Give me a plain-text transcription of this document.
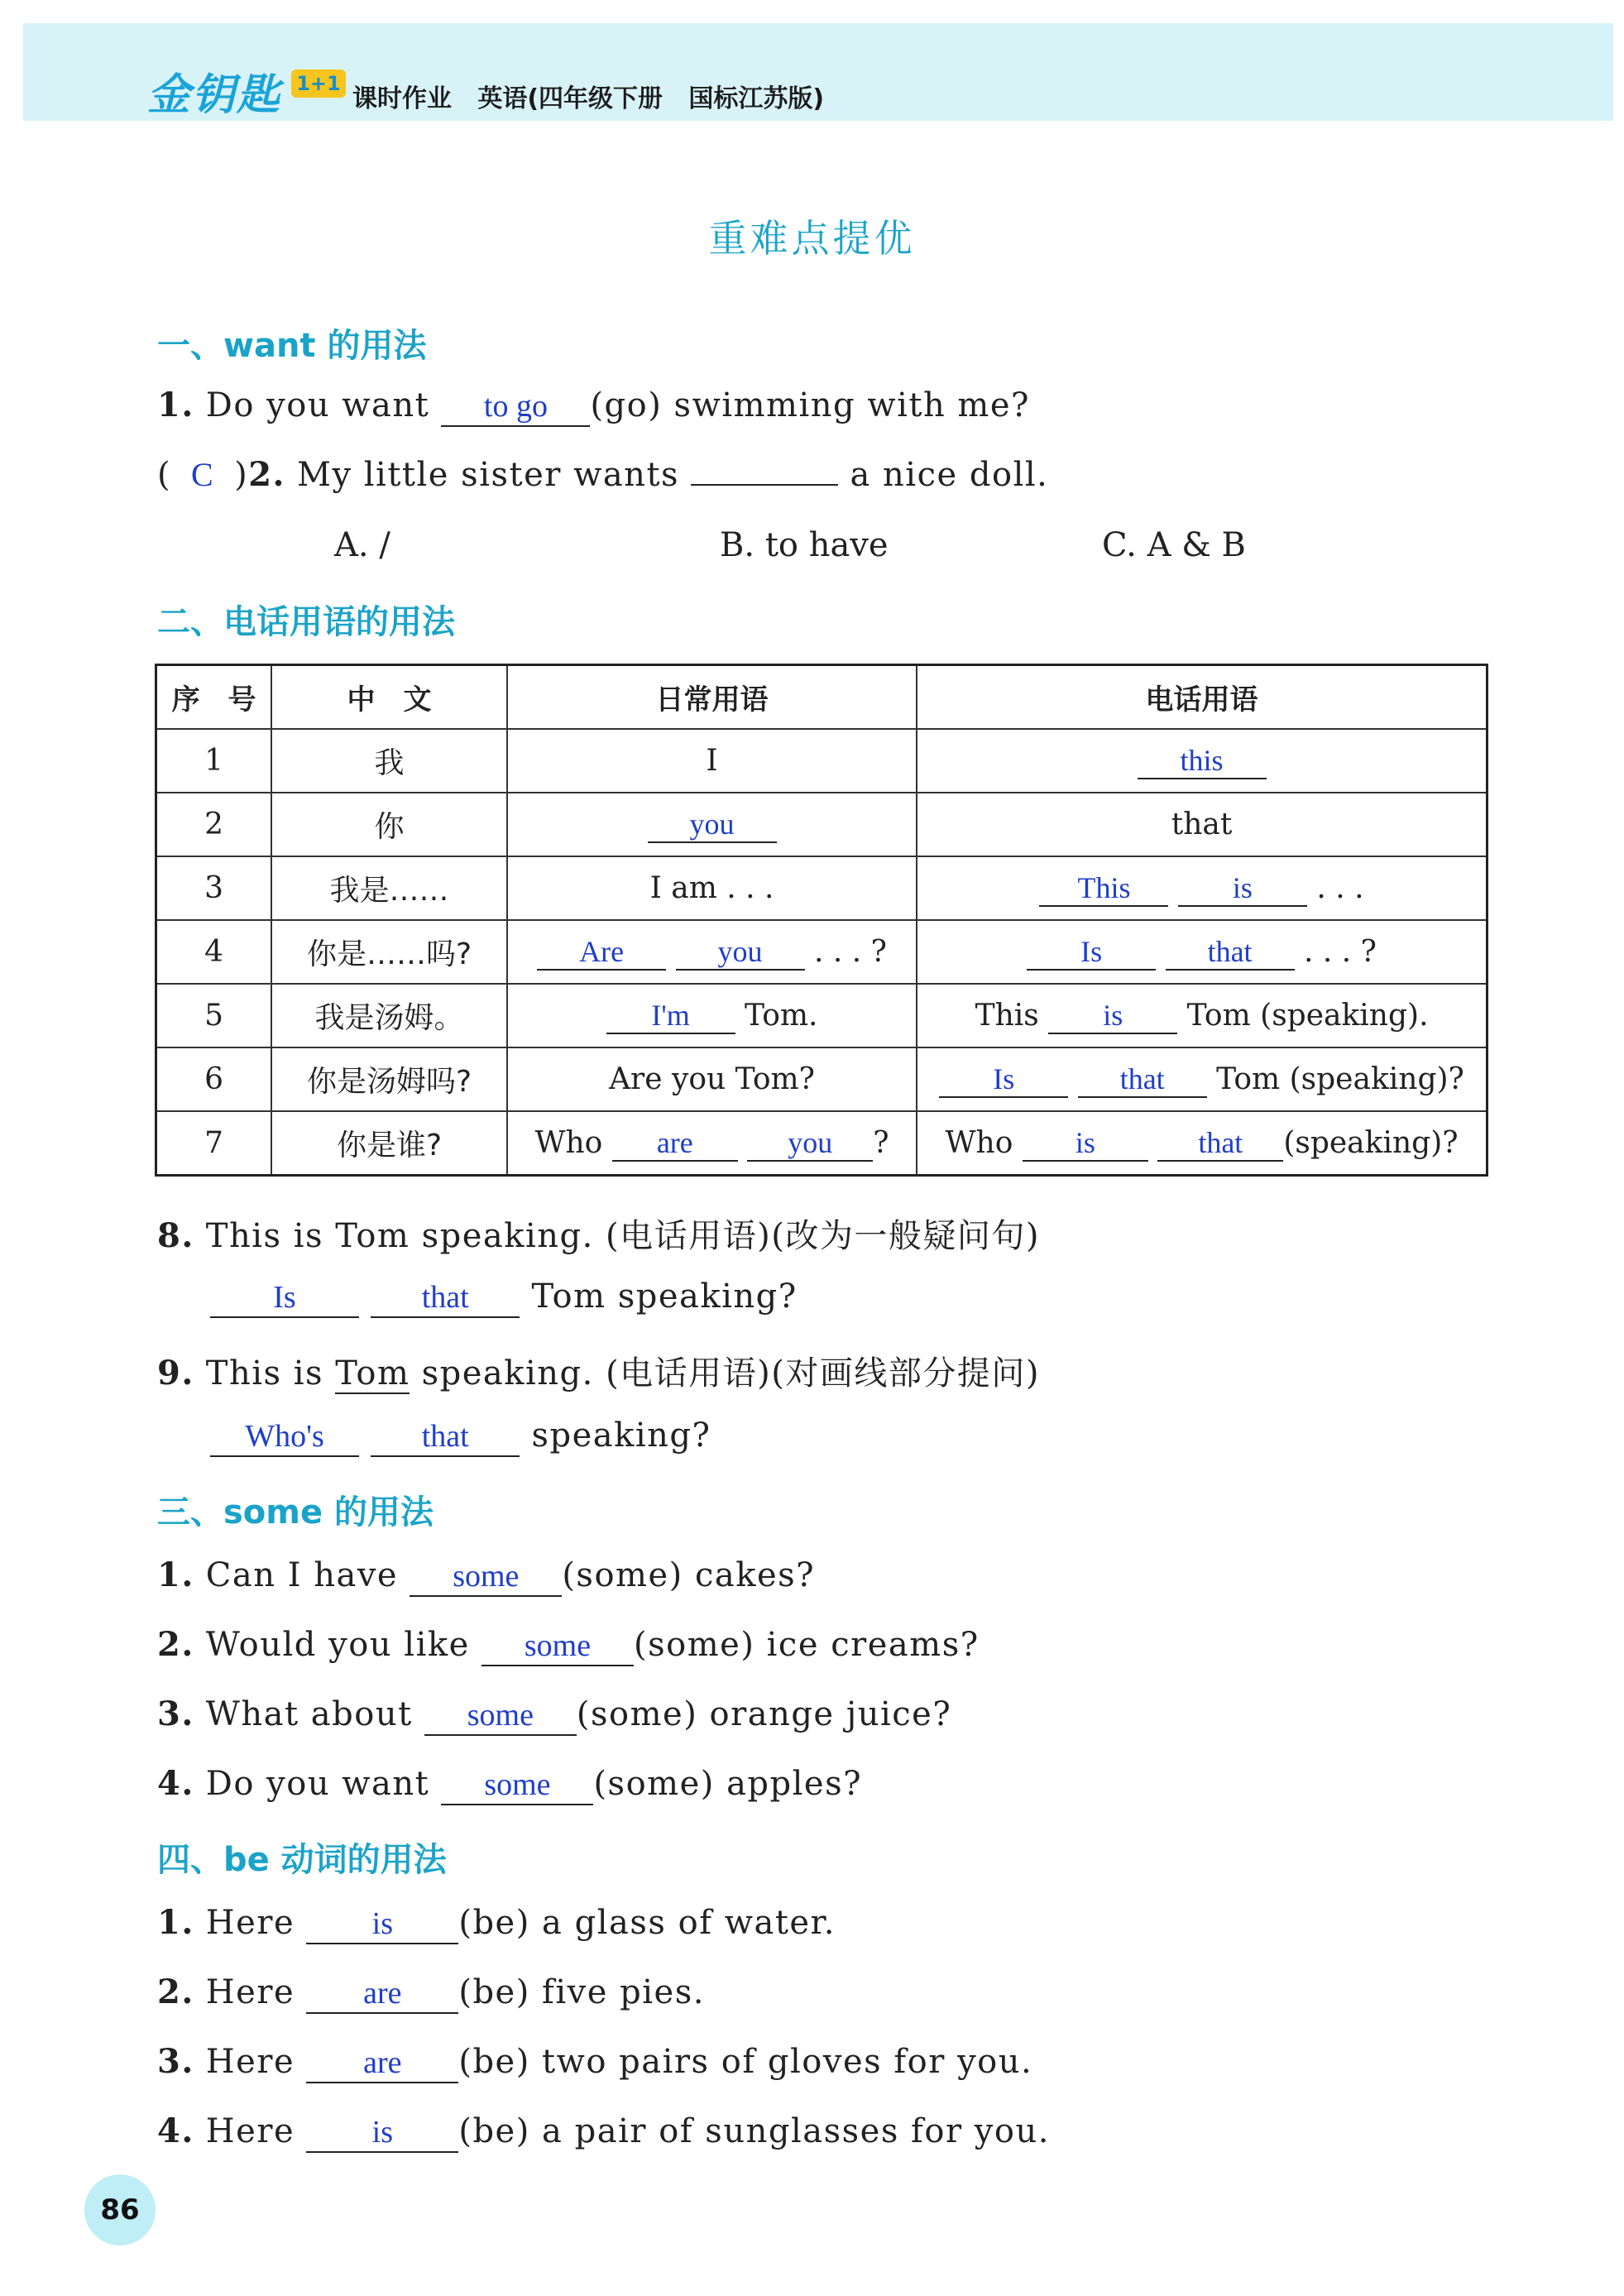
金钥匙 1+1
课时作业   英语(四年级下册   国标江苏版)
重难点提优
一、want 的用法
1. Do you want to go (go) swimming with me?
( C )2. My little sister wants	a nice doll.
A. /	B. to have	C. A & B
二、电话用语的用法
序　号	中　文	日常用语	电话用语
1	我	I	this
2	你	you	that
3	我是……	I am . . .	This is . . .
4	你是……吗?	Are you . . . ?	Is that . . . ?
5	我是汤姆。	I'm Tom.	This is Tom (speaking).
6	你是汤姆吗?	Are you Tom?	Is that Tom (speaking)?
7	你是谁?	Who are you ?	Who is that (speaking)?
8. This is Tom speaking. (电话用语)(改为一般疑问句)
Is	that Tom speaking?
9. This is Tom speaking. (电话用语)(对画线部分提问)
Who's	that speaking?
三、some 的用法
1. Can I have some (some) cakes?
2. Would you like some (some) ice creams?
3. What about some (some) orange juice?
4. Do you want some (some) apples?
四、be 动词的用法
1. Here is (be) a glass of water.
2. Here are (be) five pies.
3. Here are (be) two pairs of gloves for you.
4. Here is (be) a pair of sunglasses for you.
86
